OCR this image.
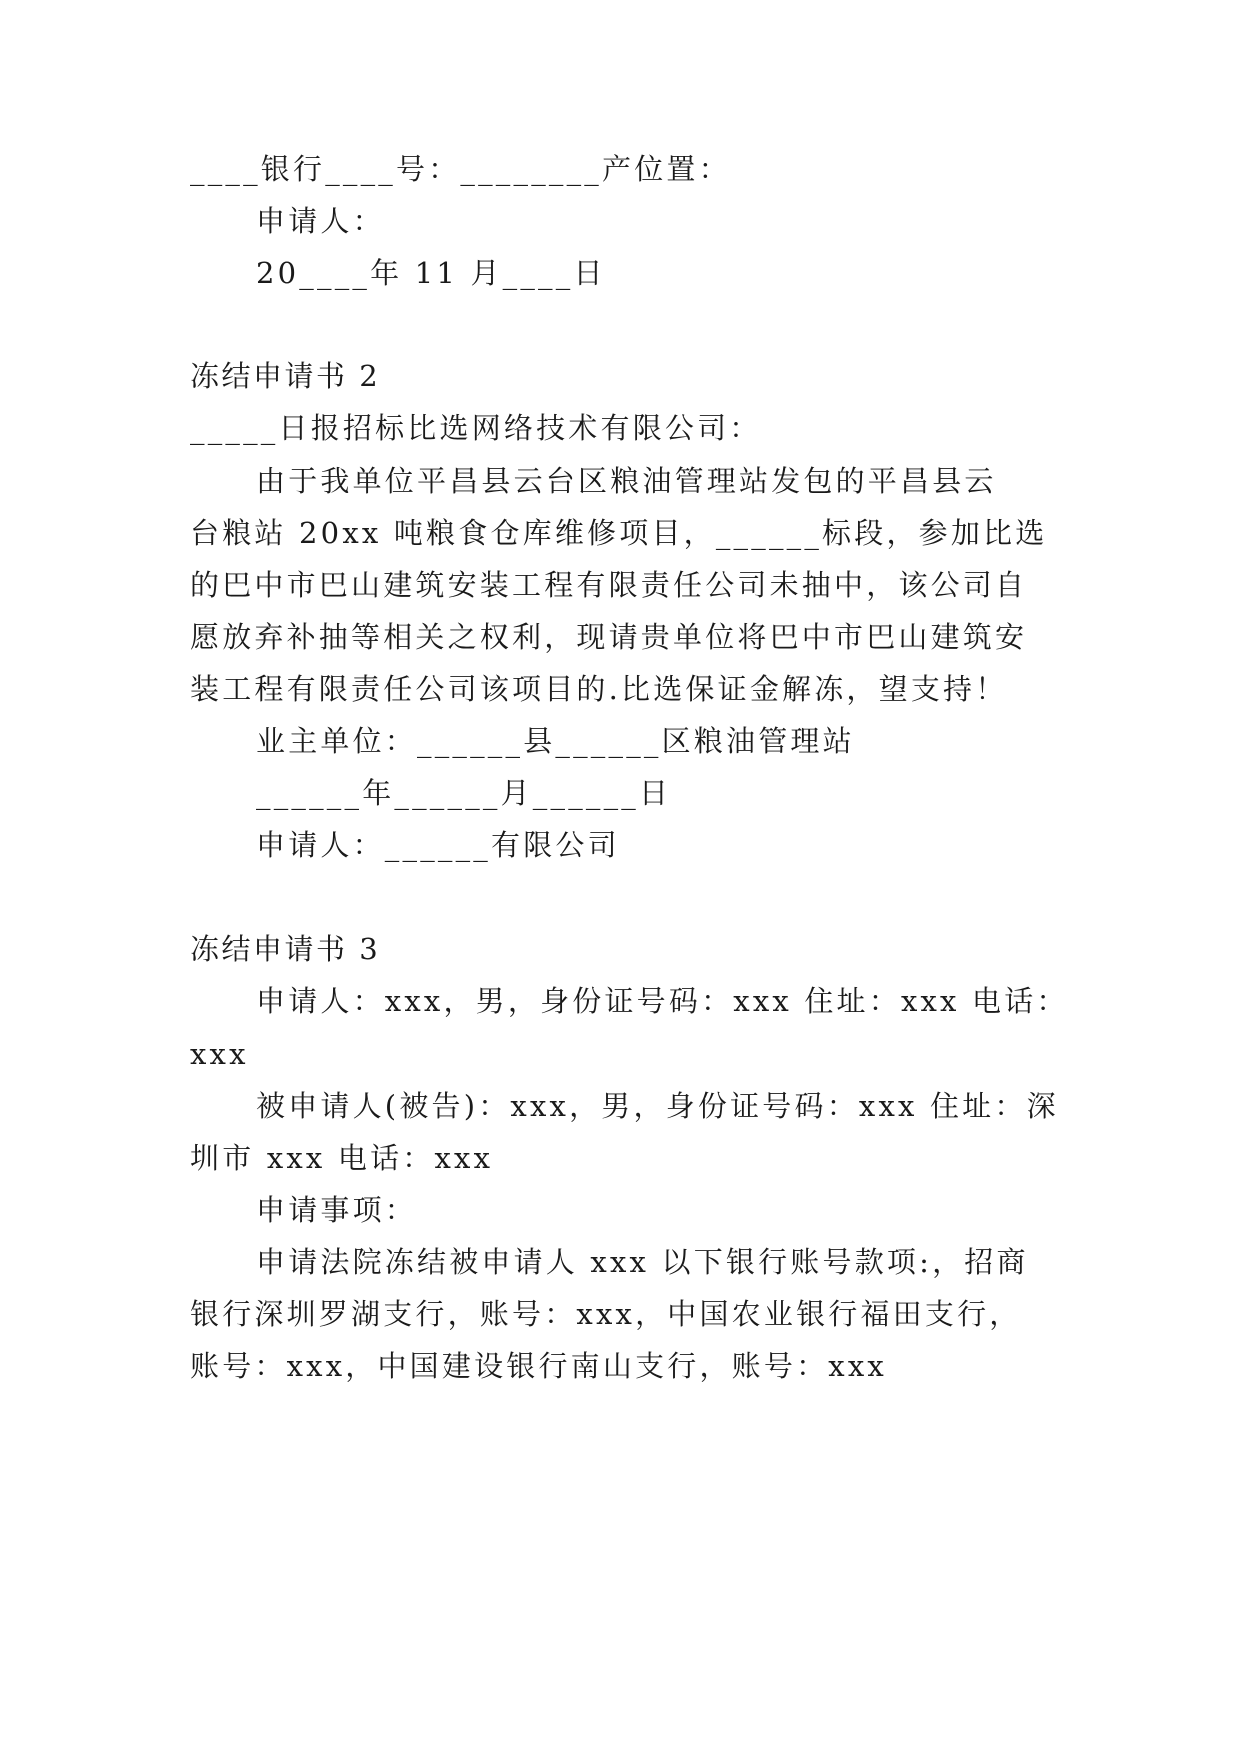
____银行____号：________产位置：
申请人：
20____年 11 月____日
冻结申请书 2
_____日报招标比选网络技术有限公司：
由于我单位平昌县云台区粮油管理站发包的平昌县云
台粮站 20xx 吨粮食仓库维修项目，______标段，参加比选
的巴中市巴山建筑安装工程有限责任公司未抽中，该公司自
愿放弃补抽等相关之权利，现请贵单位将巴中市巴山建筑安
装工程有限责任公司该项目的.比选保证金解冻，望支持！
业主单位：______县______区粮油管理站
______年______月______日
申请人：______有限公司
冻结申请书 3
申请人：xxx，男，身份证号码：xxx 住址：xxx 电话：
xxx
被申请人(被告)：xxx，男，身份证号码：xxx 住址：深
圳市 xxx 电话：xxx
申请事项：
申请法院冻结被申请人 xxx 以下银行账号款项:，招商
银行深圳罗湖支行，账号：xxx，中国农业银行福田支行，
账号：xxx，中国建设银行南山支行，账号：xxx
